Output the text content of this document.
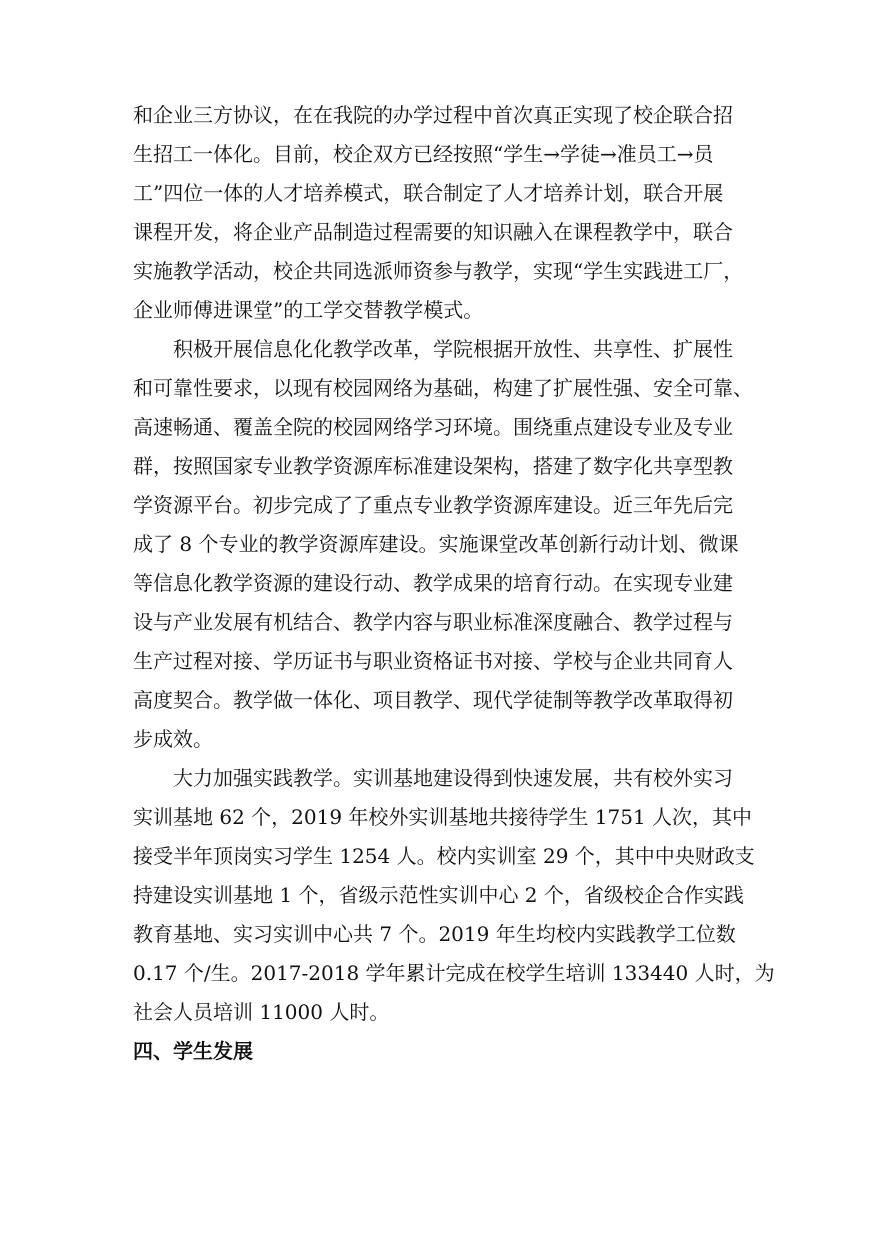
和企业三方协议，在在我院的办学过程中首次真正实现了校企联合招
生招工一体化。目前，校企双方已经按照“学生→学徒→准员工→员
工”四位一体的人才培养模式，联合制定了人才培养计划，联合开展
课程开发，将企业产品制造过程需要的知识融入在课程教学中，联合
实施教学活动，校企共同选派师资参与教学，实现“学生实践进工厂，
企业师傅进课堂”的工学交替教学模式。
　　积极开展信息化化教学改革，学院根据开放性、共享性、扩展性
和可靠性要求，以现有校园网络为基础，构建了扩展性强、安全可靠、
高速畅通、覆盖全院的校园网络学习环境。围绕重点建设专业及专业
群，按照国家专业教学资源库标准建设架构，搭建了数字化共享型教
学资源平台。初步完成了了重点专业教学资源库建设。近三年先后完
成了 8 个专业的教学资源库建设。实施课堂改革创新行动计划、微课
等信息化教学资源的建设行动、教学成果的培育行动。在实现专业建
设与产业发展有机结合、教学内容与职业标准深度融合、教学过程与
生产过程对接、学历证书与职业资格证书对接、学校与企业共同育人
高度契合。教学做一体化、项目教学、现代学徒制等教学改革取得初
步成效。
　　大力加强实践教学。实训基地建设得到快速发展，共有校外实习
实训基地 62 个，2019 年校外实训基地共接待学生 1751 人次，其中
接受半年顶岗实习学生 1254 人。校内实训室 29 个，其中中央财政支
持建设实训基地 1 个，省级示范性实训中心 2 个，省级校企合作实践
教育基地、实习实训中心共 7 个。2019 年生均校内实践教学工位数
0.17 个/生。2017-2018 学年累计完成在校学生培训 133440 人时，为
社会人员培训 11000 人时。
四、学生发展
